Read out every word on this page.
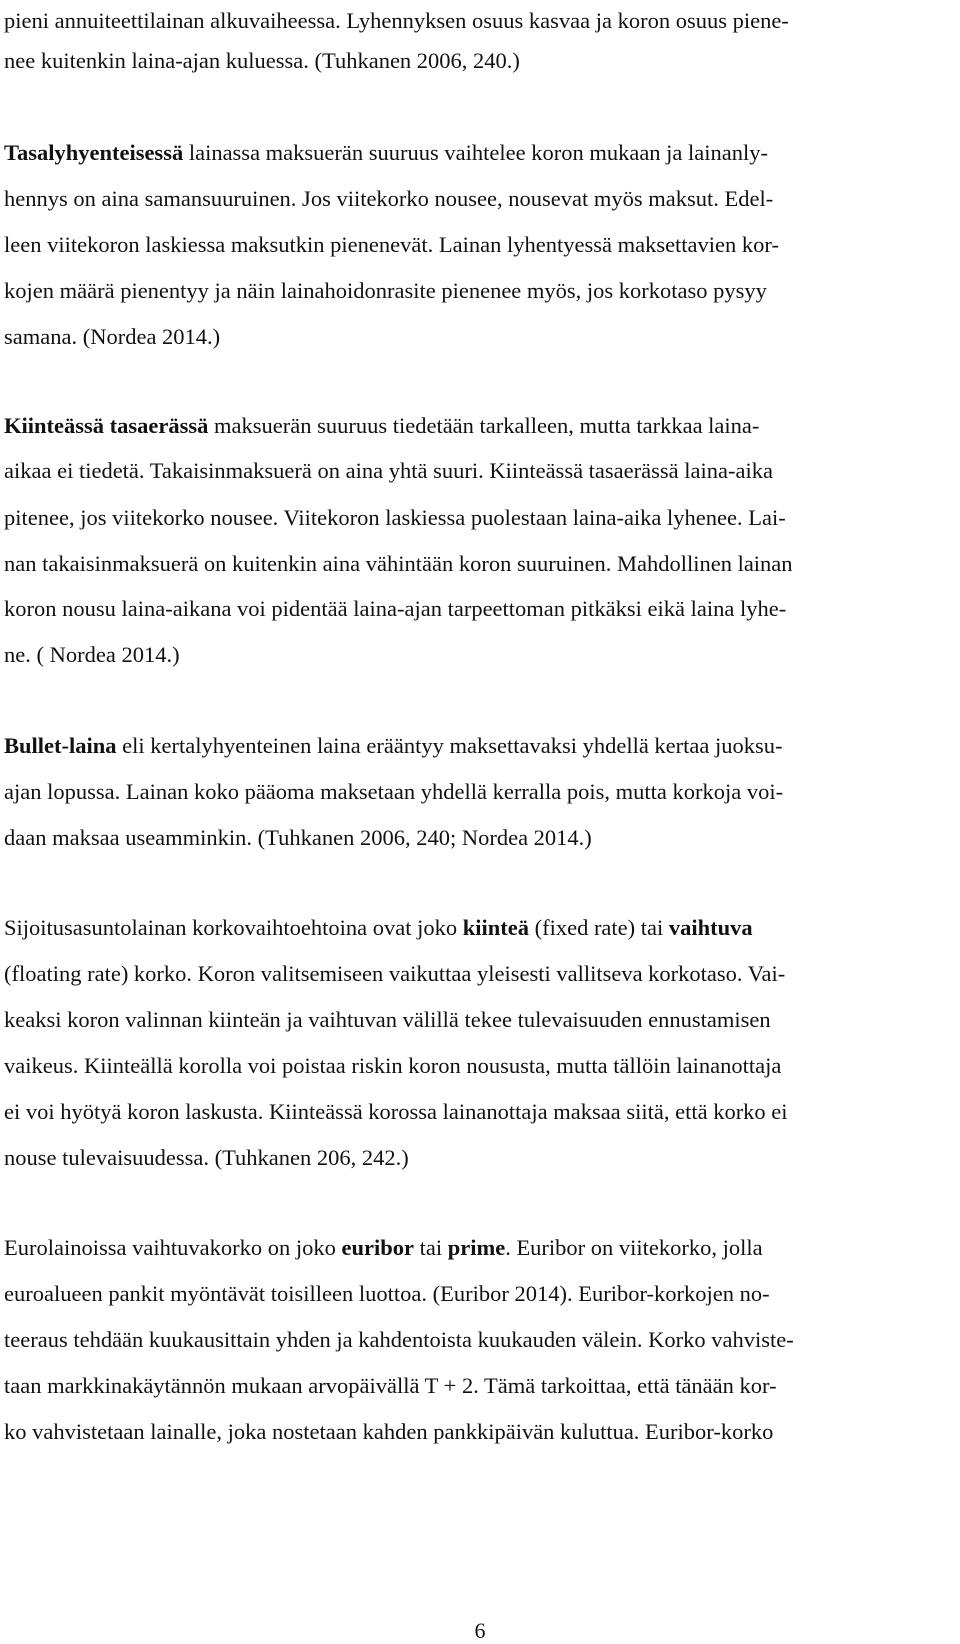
pieni annuiteettilainan alkuvaiheessa. Lyhennyksen osuus kasvaa ja koron osuus piene-
nee kuitenkin laina-ajan kuluessa. (Tuhkanen 2006, 240.)
Tasalyhyenteisessä lainassa maksuerän suuruus vaihtelee koron mukaan ja lainanly-
hennys on aina samansuuruinen. Jos viitekorko nousee, nousevat myös maksut. Edel-
leen viitekoron laskiessa maksutkin pienenevät. Lainan lyhentyessä maksettavien kor-
kojen määrä pienentyy ja näin lainahoidonrasite pienenee myös, jos korkotaso pysyy
samana. (Nordea 2014.)
Kiinteässä tasaerässä maksuerän suuruus tiedetään tarkalleen, mutta tarkkaa laina-
aikaa ei tiedetä. Takaisinmaksuerä on aina yhtä suuri. Kiinteässä tasaerässä laina-aika
pitenee, jos viitekorko nousee. Viitekoron laskiessa puolestaan laina-aika lyhenee. Lai-
nan takaisinmaksuerä on kuitenkin aina vähintään koron suuruinen. Mahdollinen lainan
koron nousu laina-aikana voi pidentää laina-ajan tarpeettoman pitkäksi eikä laina lyhe-
ne. ( Nordea 2014.)
Bullet-laina eli kertalyhyenteinen laina erääntyy maksettavaksi yhdellä kertaa juoksu-
ajan lopussa. Lainan koko pääoma maksetaan yhdellä kerralla pois, mutta korkoja voi-
daan maksaa useamminkin. (Tuhkanen 2006, 240; Nordea 2014.)
Sijoitusasuntolainan korkovaihtoehtoina ovat joko kiinteä (fixed rate) tai vaihtuva
(floating rate) korko. Koron valitsemiseen vaikuttaa yleisesti vallitseva korkotaso. Vai-
keaksi koron valinnan kiinteän ja vaihtuvan välillä tekee tulevaisuuden ennustamisen
vaikeus. Kiinteällä korolla voi poistaa riskin koron noususta, mutta tällöin lainanottaja
ei voi hyötyä koron laskusta. Kiinteässä korossa lainanottaja maksaa siitä, että korko ei
nouse tulevaisuudessa. (Tuhkanen 206, 242.)
Eurolainoissa vaihtuvakorko on joko euribor tai prime. Euribor on viitekorko, jolla
euroalueen pankit myöntävät toisilleen luottoa. (Euribor 2014). Euribor-korkojen no-
teeraus tehdään kuukausittain yhden ja kahdentoista kuukauden välein. Korko vahviste-
taan markkinakäytännön mukaan arvopäivällä T + 2. Tämä tarkoittaa, että tänään kor-
ko vahvistetaan lainalle, joka nostetaan kahden pankkipäivän kuluttua. Euribor-korko
6
